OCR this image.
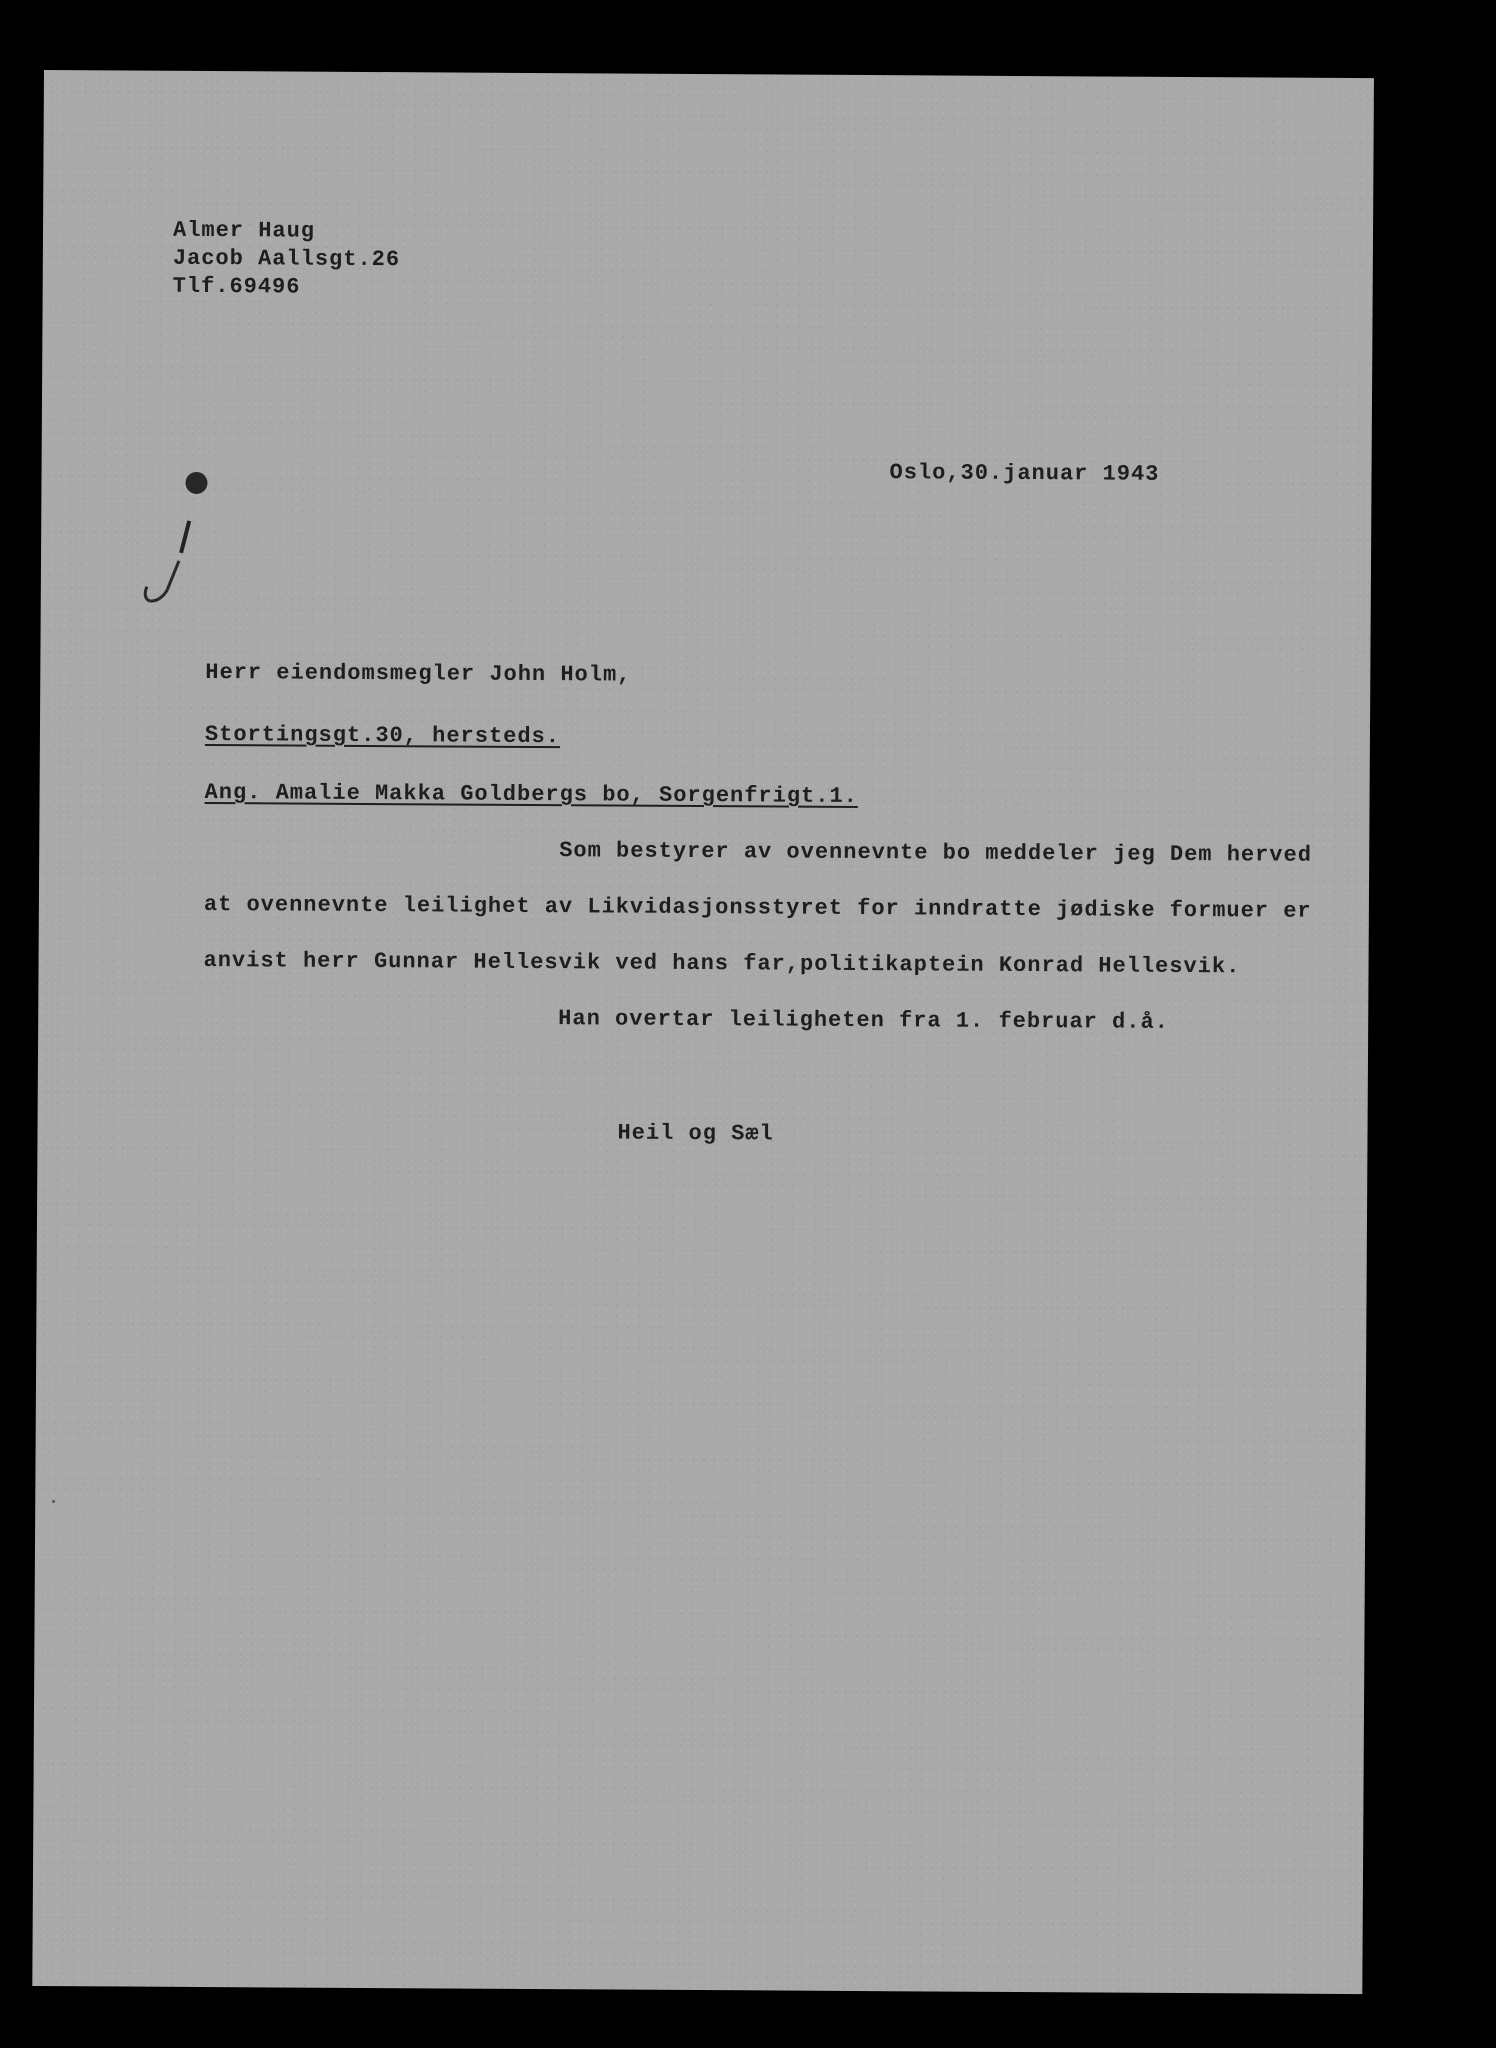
Almer Haug
Jacob Aallsgt.26
Tlf.69496
Oslo,30.januar 1943
Herr eiendomsmegler John Holm,
Stortingsgt.30, hersteds.
Ang. Amalie Makka Goldbergs bo, Sorgenfrigt.1.
Som bestyrer av ovennevnte bo meddeler jeg Dem herved
at ovennevnte leilighet av Likvidasjonsstyret for inndratte jødiske formuer er
anvist herr Gunnar Hellesvik ved hans far,politikaptein Konrad Hellesvik.
Han overtar leiligheten fra 1. februar d.å.
Heil og Sæl
